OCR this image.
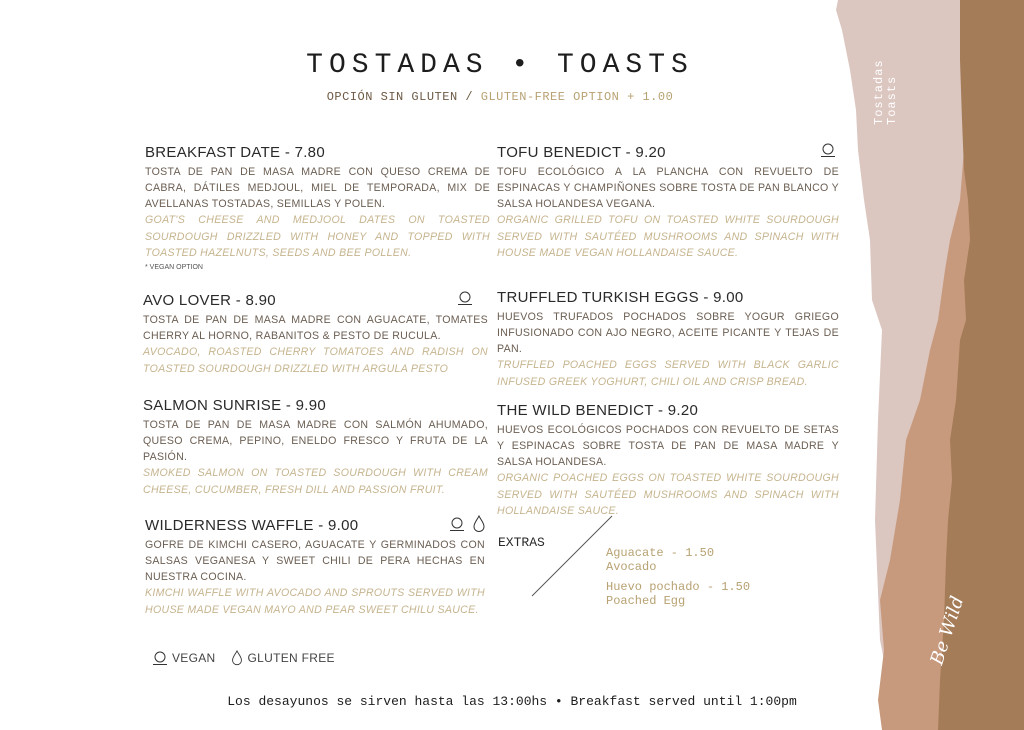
Tostadas
Toasts
Be Wild
TOSTADAS • TOASTS
OPCIÓN SIN GLUTEN / GLUTEN-FREE OPTION + 1.00
BREAKFAST DATE - 7.80
TOSTA DE PAN DE MASA MADRE CON QUESO CREMA DE CABRA, DÁTILES MEDJOUL, MIEL DE TEMPORADA, MIX DE AVELLANAS TOSTADAS, SEMILLAS Y POLEN.
GOAT'S CHEESE AND MEDJOOL DATES ON TOASTED SOURDOUGH DRIZZLED WITH HONEY AND TOPPED WITH TOASTED HAZELNUTS, SEEDS AND BEE POLLEN.
* VEGAN OPTION
AVO LOVER - 8.90
TOSTA DE PAN DE MASA MADRE CON AGUACATE, TOMATES CHERRY AL HORNO, RABANITOS & PESTO DE RUCULA.
AVOCADO, ROASTED CHERRY TOMATOES AND RADISH ON TOASTED SOURDOUGH DRIZZLED WITH ARGULA PESTO
SALMON SUNRISE - 9.90
TOSTA DE PAN DE MASA MADRE CON SALMÓN AHUMADO, QUESO CREMA, PEPINO, ENELDO FRESCO Y FRUTA DE LA PASIÓN.
SMOKED SALMON ON TOASTED SOURDOUGH WITH CREAM CHEESE, CUCUMBER, FRESH DILL AND PASSION FRUIT.
WILDERNESS WAFFLE - 9.00
GOFRE DE KIMCHI CASERO, AGUACATE Y GERMINADOS CON SALSAS VEGANESA Y SWEET CHILI DE PERA HECHAS EN NUESTRA COCINA.
KIMCHI WAFFLE WITH AVOCADO AND SPROUTS SERVED WITH HOUSE MADE VEGAN MAYO AND PEAR SWEET CHILU SAUCE.
TOFU BENEDICT - 9.20
TOFU ECOLÓGICO A LA PLANCHA CON REVUELTO DE ESPINACAS Y CHAMPIÑONES SOBRE TOSTA DE PAN BLANCO Y SALSA HOLANDESA VEGANA.
ORGANIC GRILLED TOFU ON TOASTED WHITE SOURDOUGH SERVED WITH SAUTÉED MUSHROOMS AND SPINACH WITH HOUSE MADE VEGAN HOLLANDAISE SAUCE.
TRUFFLED TURKISH EGGS - 9.00
HUEVOS TRUFADOS POCHADOS SOBRE YOGUR GRIEGO INFUSIONADO CON AJO NEGRO, ACEITE PICANTE Y TEJAS DE PAN.
TRUFFLED POACHED EGGS SERVED WITH BLACK GARLIC INFUSED GREEK YOGHURT, CHILI OIL AND CRISP BREAD.
THE WILD BENEDICT - 9.20
HUEVOS ECOLÓGICOS POCHADOS CON REVUELTO DE SETAS Y ESPINACAS SOBRE TOSTA DE PAN DE MASA MADRE Y SALSA HOLANDESA.
ORGANIC POACHED EGGS ON TOASTED WHITE SOURDOUGH SERVED WITH SAUTÉED MUSHROOMS AND SPINACH WITH HOLLANDAISE SAUCE.
EXTRAS
Aguacate - 1.50
Avocado
Huevo pochado - 1.50
Poached Egg
VEGAN	GLUTEN FREE
Los desayunos se sirven hasta las 13:00hs • Breakfast served until 1:00pm
